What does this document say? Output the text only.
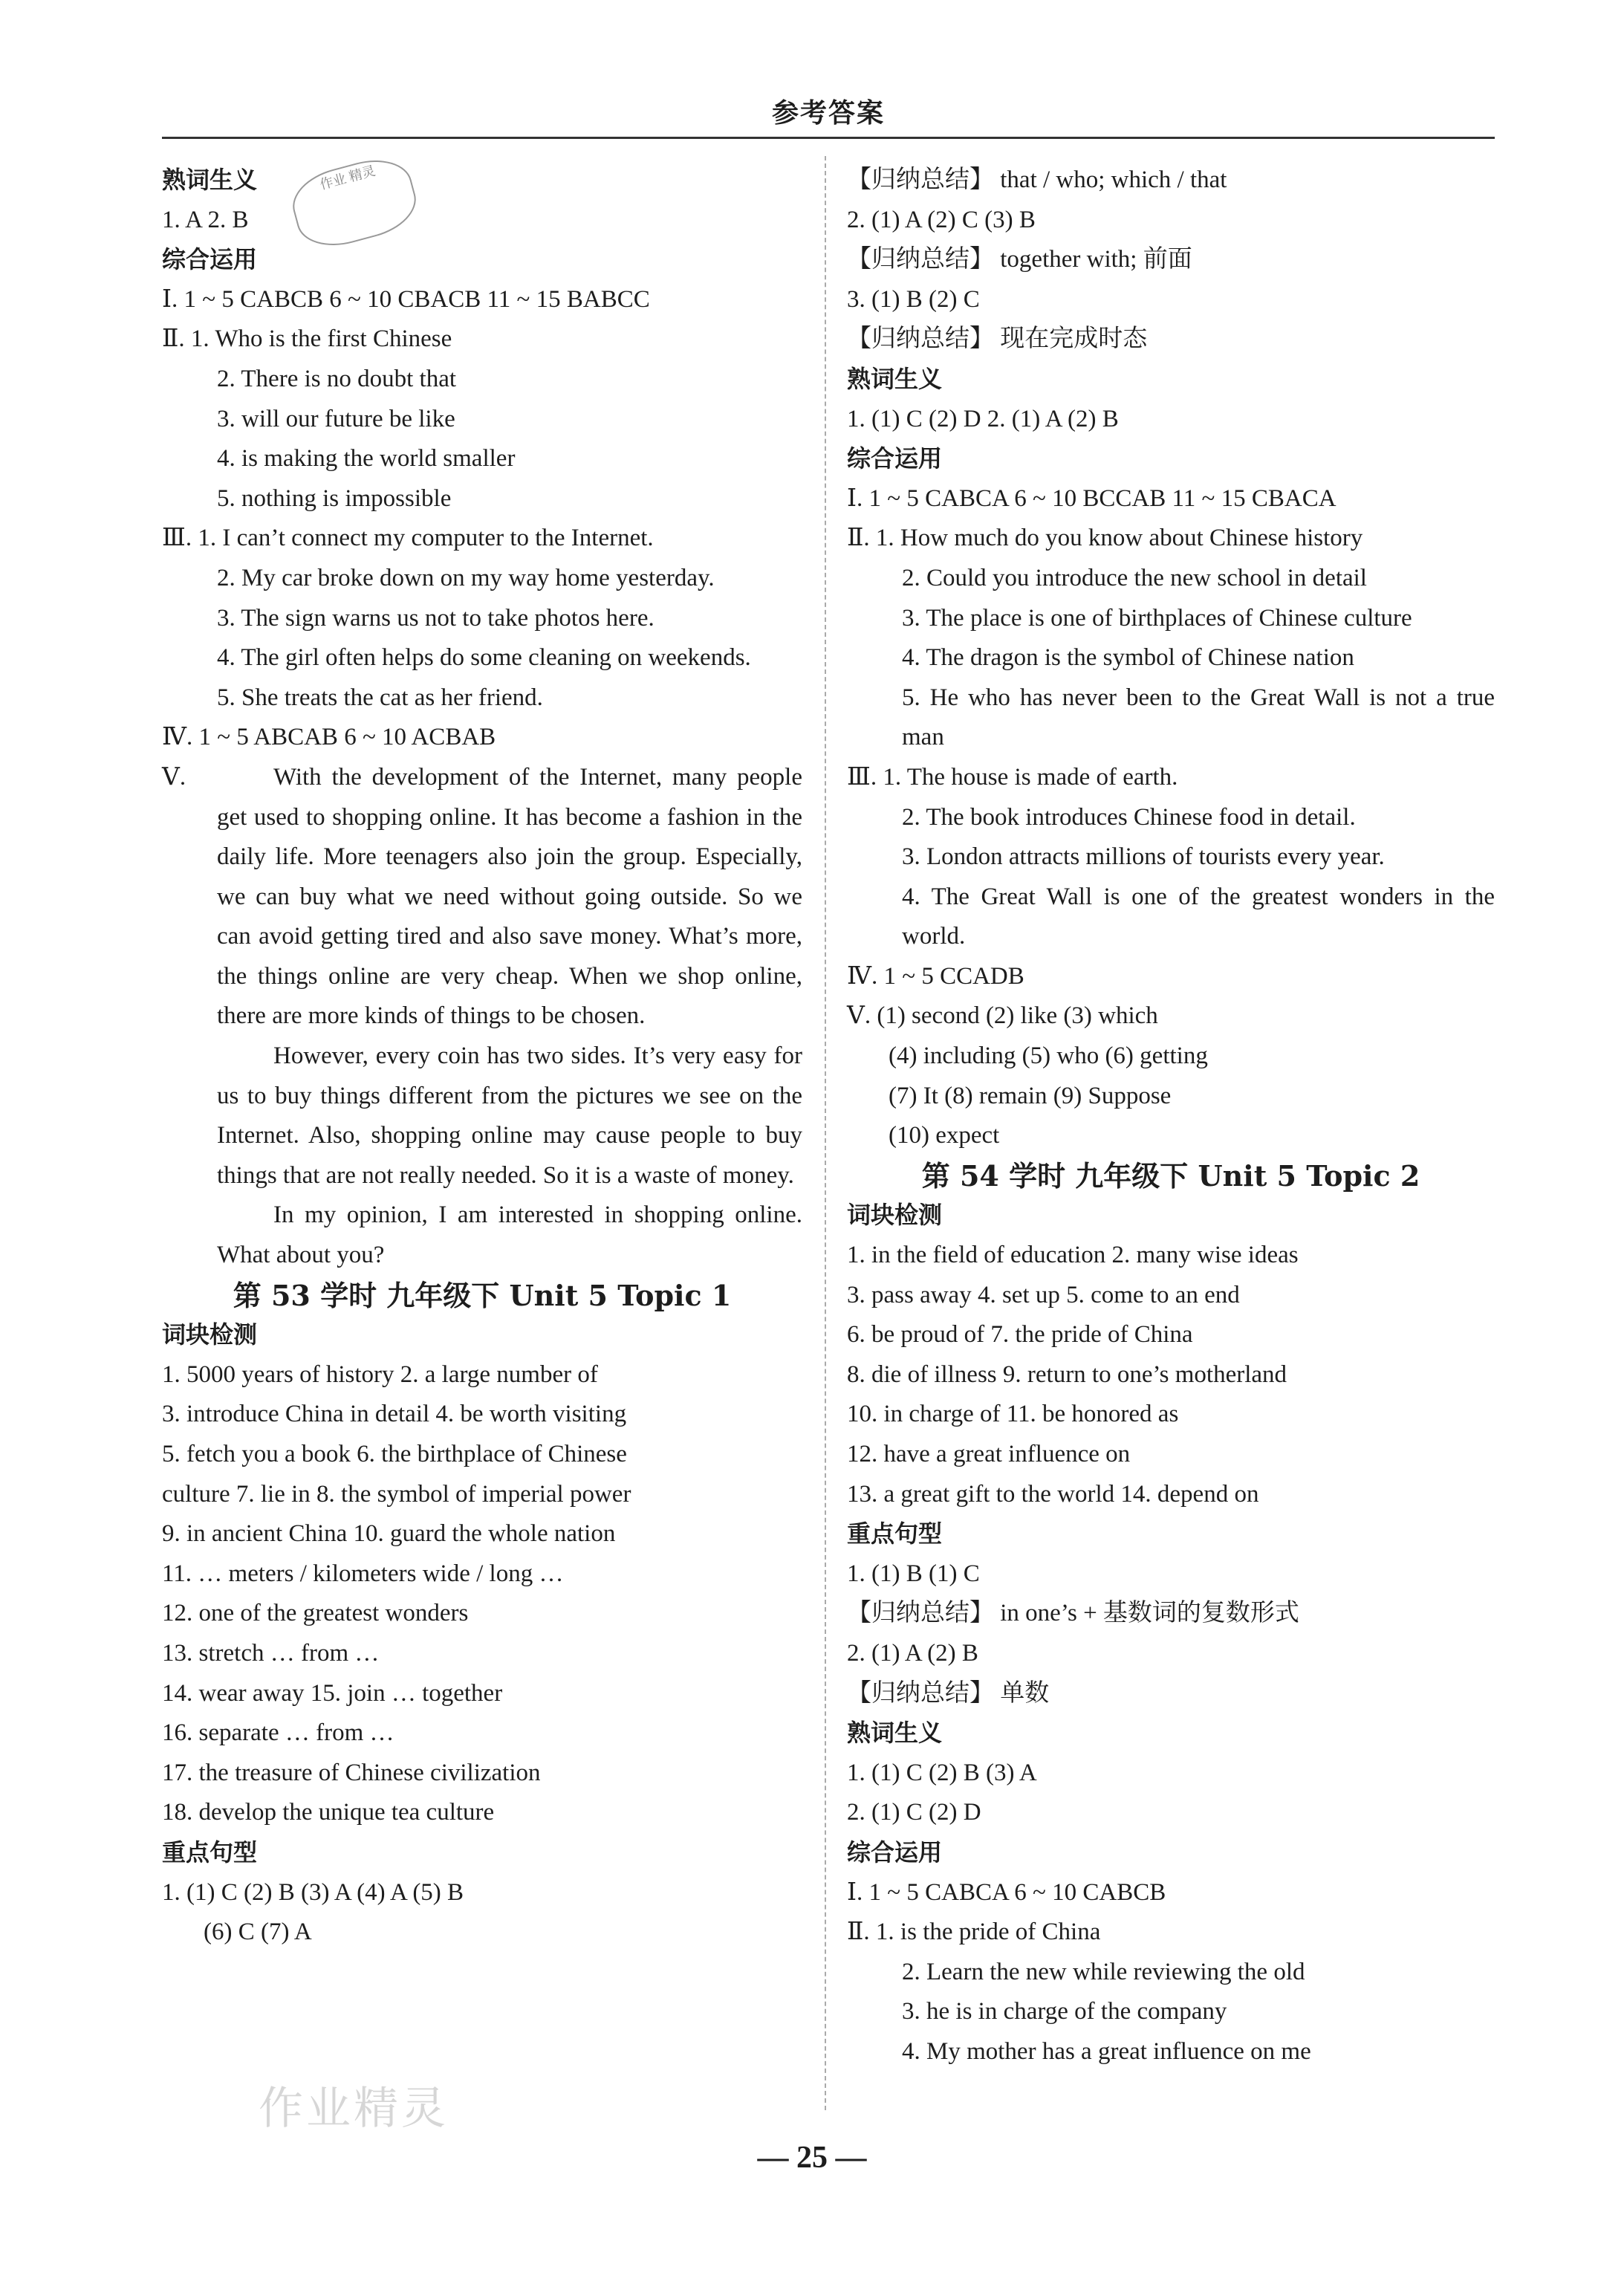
参考答案
作业 精灵
熟词生义
1. A 2. B
综合运用
Ⅰ. 1 ~ 5 CABCB 6 ~ 10 CBACB 11 ~ 15 BABCC
Ⅱ. 1. Who is the first Chinese
2. There is no doubt that
3. will our future be like
4. is making the world smaller
5. nothing is impossible
Ⅲ. 1. I can’t connect my computer to the Internet.
2. My car broke down on my way home yesterday.
3. The sign warns us not to take photos here.
4. The girl often helps do some cleaning on weekends.
5. She treats the cat as her friend.
Ⅳ. 1 ~ 5 ABCAB 6 ~ 10 ACBAB
Ⅴ.	With the development of the Internet, many people get used to shopping online. It has become a fashion in the daily life. More teenagers also join the group. Especially, we can buy what we need without going outside. So we can avoid getting tired and also save money. What’s more, the things online are very cheap. When we shop online, there are more kinds of things to be chosen.
However, every coin has two sides. It’s very easy for us to buy things different from the pictures we see on the Internet. Also, shopping online may cause people to buy things that are not really needed. So it is a waste of money.
In my opinion, I am interested in shopping online. What about you?
第 53 学时 九年级下 Unit 5 Topic 1
词块检测
1. 5000 years of history 2. a large number of
3. introduce China in detail 4. be worth visiting
5. fetch you a book 6. the birthplace of Chinese
culture 7. lie in 8. the symbol of imperial power
9. in ancient China 10. guard the whole nation
11. … meters / kilometers wide / long …
12. one of the greatest wonders
13. stretch … from …
14. wear away 15. join … together
16. separate … from …
17. the treasure of Chinese civilization
18. develop the unique tea culture
重点句型
1. (1) C (2) B (3) A (4) A (5) B
(6) C (7) A
【归纳总结】 that / who; which / that
2. (1) A (2) C (3) B
【归纳总结】 together with; 前面
3. (1) B (2) C
【归纳总结】 现在完成时态
熟词生义
1. (1) C (2) D 2. (1) A (2) B
综合运用
Ⅰ. 1 ~ 5 CABCA 6 ~ 10 BCCAB 11 ~ 15 CBACA
Ⅱ. 1. How much do you know about Chinese history
2. Could you introduce the new school in detail
3. The place is one of birthplaces of Chinese culture
4. The dragon is the symbol of Chinese nation
5. He who has never been to the Great Wall is not a true man
Ⅲ. 1. The house is made of earth.
2. The book introduces Chinese food in detail.
3. London attracts millions of tourists every year.
4. The Great Wall is one of the greatest wonders in the world.
Ⅳ. 1 ~ 5 CCADB
Ⅴ. (1) second (2) like (3) which
(4) including (5) who (6) getting
(7) It (8) remain (9) Suppose
(10) expect
第 54 学时 九年级下 Unit 5 Topic 2
词块检测
1. in the field of education 2. many wise ideas
3. pass away 4. set up 5. come to an end
6. be proud of 7. the pride of China
8. die of illness 9. return to one’s motherland
10. in charge of 11. be honored as
12. have a great influence on
13. a great gift to the world 14. depend on
重点句型
1. (1) B (1) C
【归纳总结】 in one’s + 基数词的复数形式
2. (1) A (2) B
【归纳总结】 单数
熟词生义
1. (1) C (2) B (3) A
2. (1) C (2) D
综合运用
Ⅰ. 1 ~ 5 CABCA 6 ~ 10 CABCB
Ⅱ. 1. is the pride of China
2. Learn the new while reviewing the old
3. he is in charge of the company
4. My mother has a great influence on me
作业精灵
— 25 —
